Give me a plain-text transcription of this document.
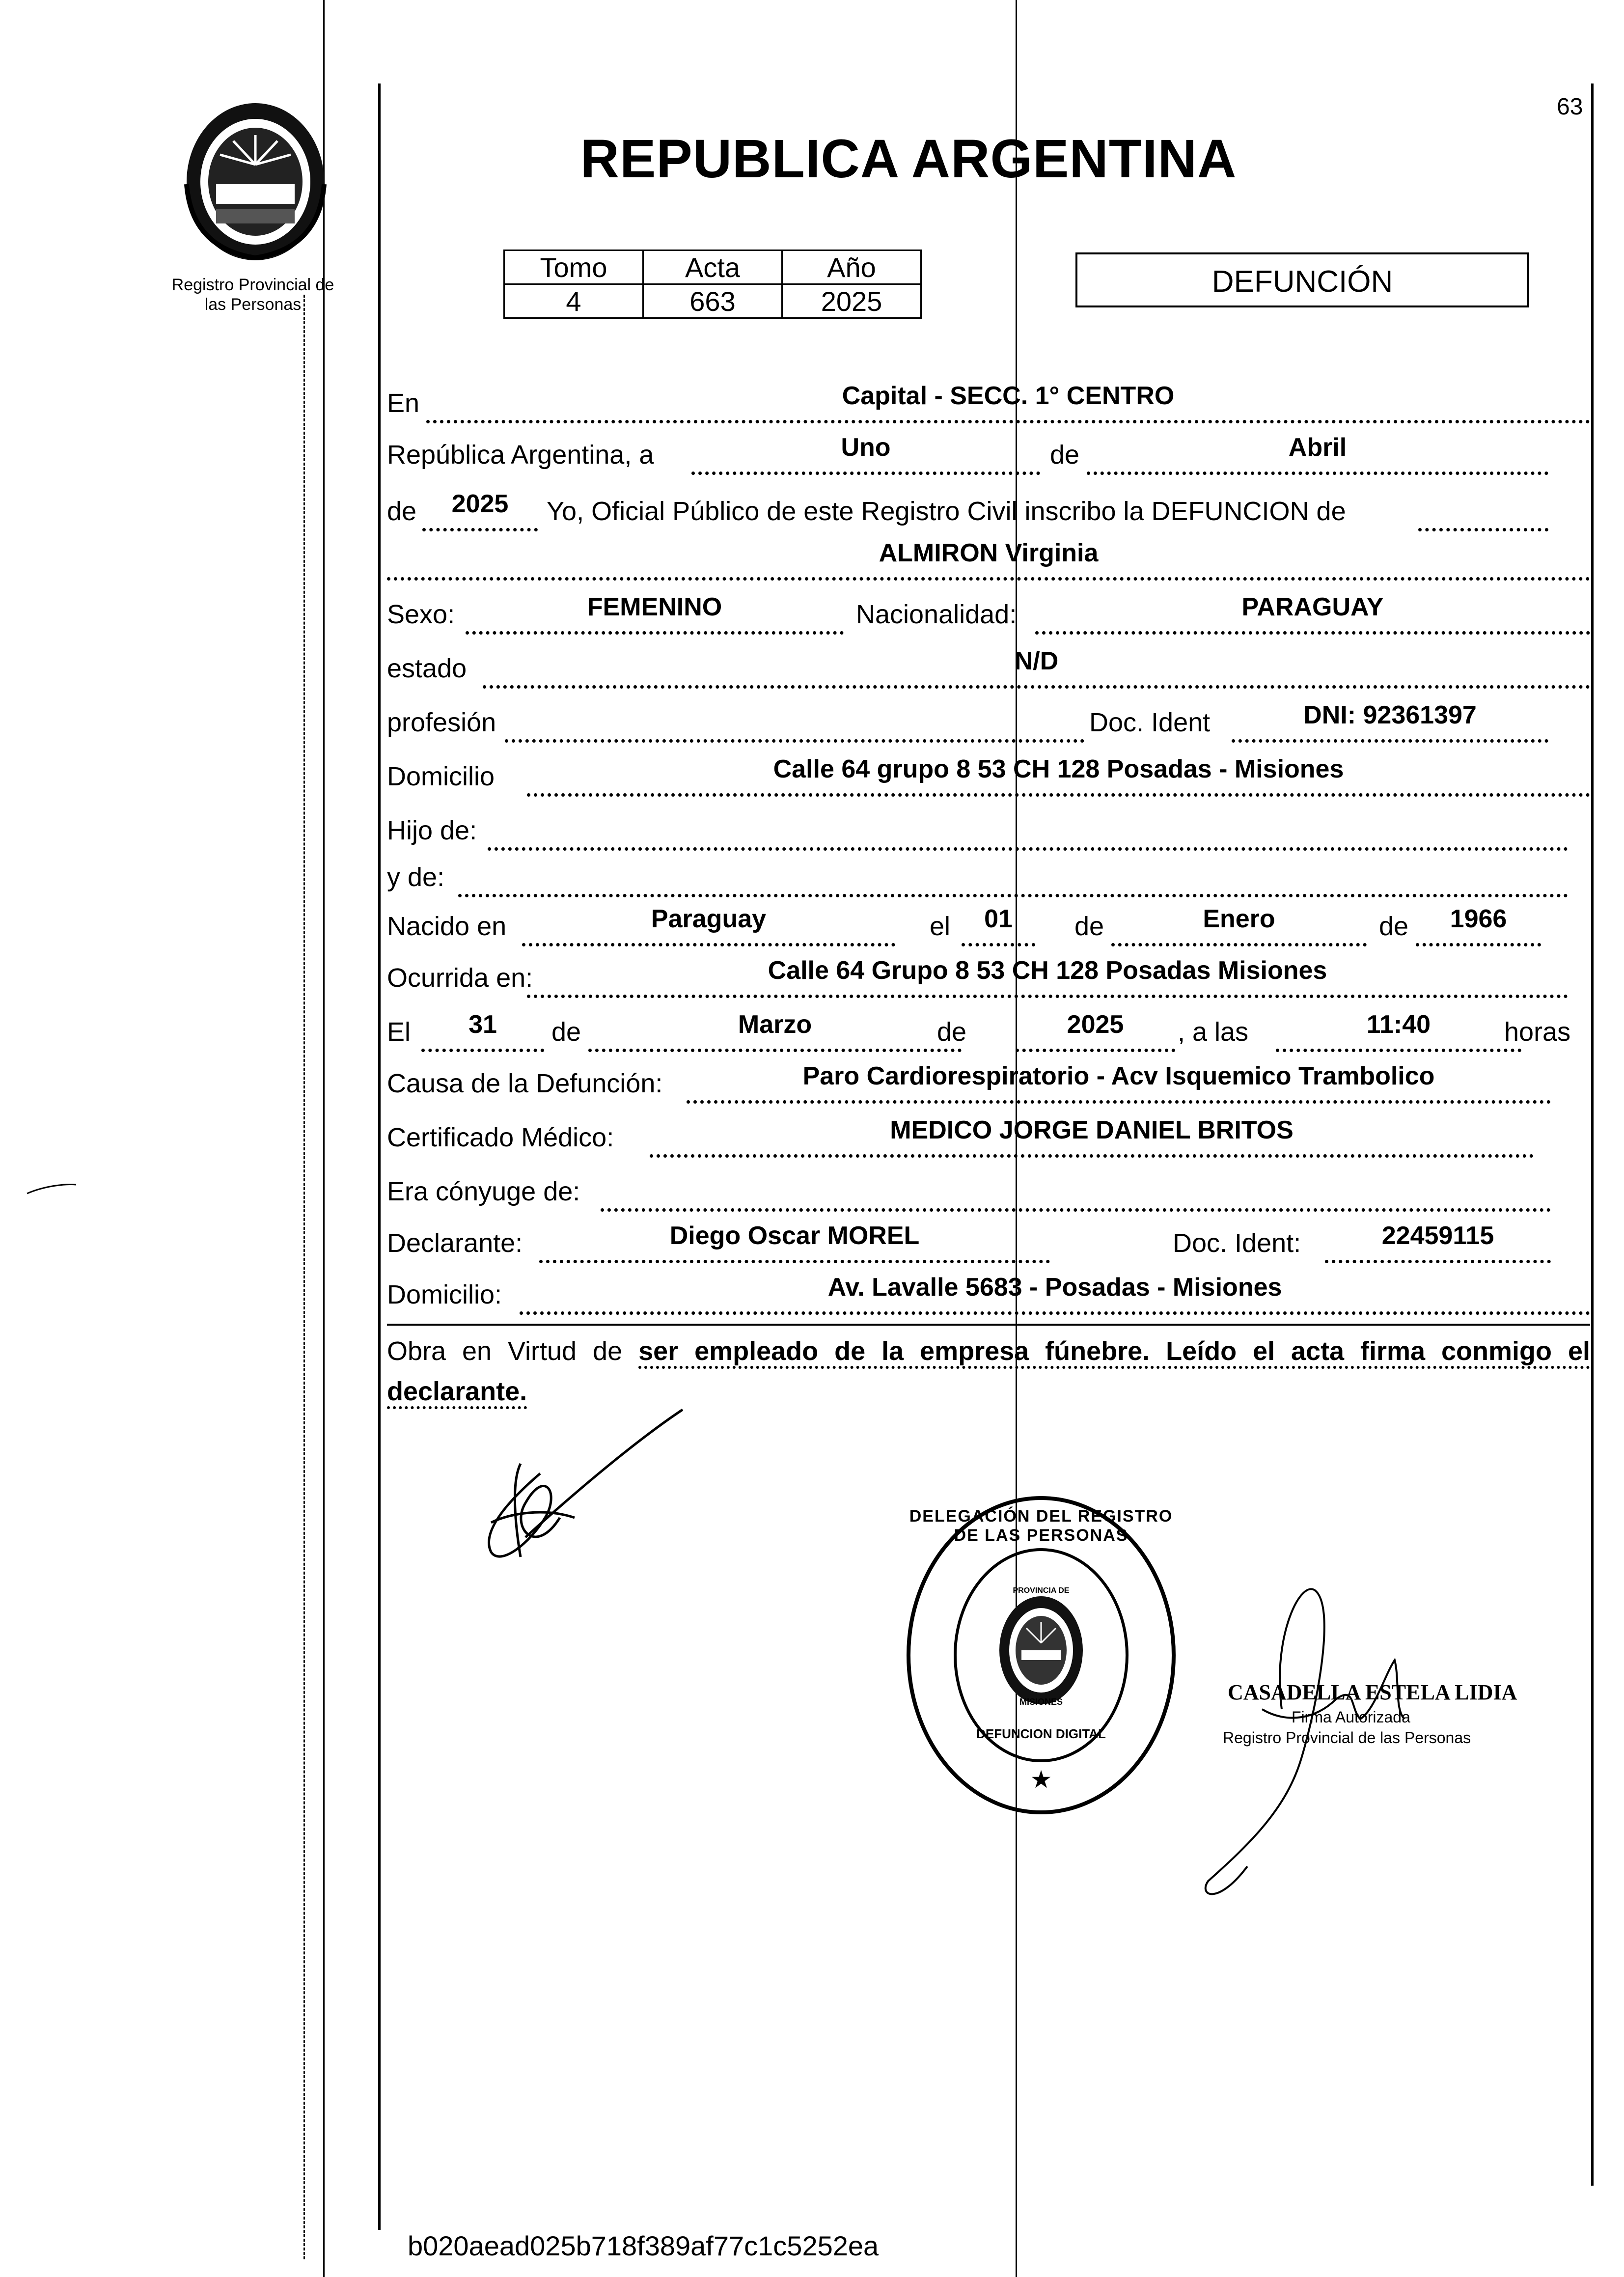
63
Registro Provincial de
las Personas
REPUBLICA ARGENTINA
Tomo	Acta	Año
4	663	2025
DEFUNCIÓN
En	Capital - SECC. 1° CENTRO
República Argentina, a	Uno	de	Abril
de	2025	Yo, Oficial Público de este Registro Civil inscribo la DEFUNCION de
ALMIRON Virginia
Sexo:	FEMENINO	Nacionalidad:	PARAGUAY
estado	N/D
profesión	Doc. Ident	DNI: 92361397
Domicilio	Calle 64 grupo 8 53 CH 128 Posadas - Misiones
Hijo de:
y de:
Nacido en	Paraguay	el	01	de	Enero	de	1966
Ocurrida en:	Calle 64 Grupo 8 53 CH 128 Posadas Misiones
El	31	de	Marzo	de	2025	, a las	11:40	horas
Causa de la Defunción:	Paro Cardiorespiratorio - Acv Isquemico Trambolico
Certificado Médico:	MEDICO JORGE DANIEL BRITOS
Era cónyuge de:
Declarante:	Diego Oscar MOREL	Doc. Ident:	22459115
Domicilio:	Av. Lavalle 5683 - Posadas - Misiones
Obra en Virtud de ser empleado de la empresa fúnebre. Leído el acta firma conmigo el declarante.
★
DELEGACIÓN DEL REGISTRO DE LAS PERSONAS
DEFUNCION DIGITAL
PROVINCIA DE
MISIONES	CASADELLA ESTELA LIDIA
Firma Autorizada
Registro Provincial de las Personas
b020aead025b718f389af77c1c5252ea
